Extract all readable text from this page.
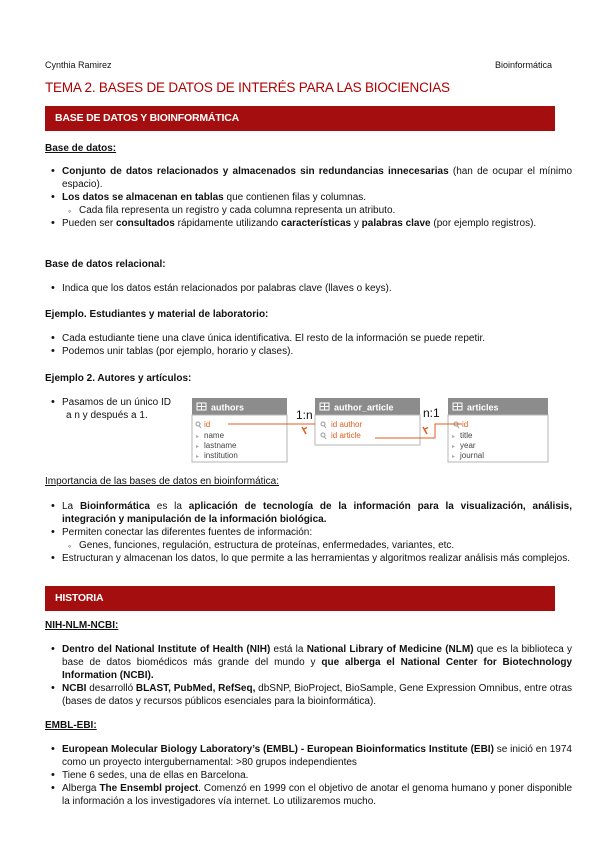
Cynthia Ramirez	Bioinformática
TEMA 2. BASES DE DATOS DE INTERÉS PARA LAS BIOCIENCIAS
BASE DE DATOS Y BIOINFORMÁTICA
Base de datos:
• Conjunto de datos relacionados y almacenados sin redundancias innecesarias (han de ocupar el mínimo espacio).
• Los datos se almacenan en tablas que contienen filas y columnas.
◦ Cada fila representa un registro y cada columna representa un atributo.
• Pueden ser consultados rápidamente utilizando características y palabras clave (por ejemplo registros).
Base de datos relacional:
• Indica que los datos están relacionados por palabras clave (llaves o keys).
Ejemplo. Estudiantes y material de laboratorio:
• Cada estudiante tiene una clave única identificativa. El resto de la información se puede repetir.
• Podemos unir tablas (por ejemplo, horario y clases).
Ejemplo 2. Autores y artículos:
• Pasamos de un único ID
a n y después a 1.
authors
id
name
lastname
institution
▸
▸
▸
author_article
id author
id article
articles
id
title
year
journal
▸
▸
▸
1:n	n:1
Importancia de las bases de datos en bioinformática:
• La Bioinformática es la aplicación de tecnología de la información para la visualización, análisis, integración y manipulación de la información biológica.
• Permiten conectar las diferentes fuentes de información:
◦ Genes, funciones, regulación, estructura de proteínas, enfermedades, variantes, etc.
• Estructuran y almacenan los datos, lo que permite a las herramientas y algoritmos realizar análisis más complejos.
HISTORIA
NIH-NLM-NCBI:
• Dentro del National Institute of Health (NIH) está la National Library of Medicine (NLM) que es la biblioteca y base de datos biomédicos más grande del mundo y que alberga el National Center for Biotechnology Information (NCBI).
• NCBI desarrolló BLAST, PubMed, RefSeq, dbSNP, BioProject, BioSample, Gene Expression Omnibus, entre otras (bases de datos y recursos públicos esenciales para la bioinformática).
EMBL-EBI:
• European Molecular Biology Laboratory’s (EMBL) - European Bioinformatics Institute (EBI) se inició en 1974 como un proyecto intergubernamental: >80 grupos independientes
• Tiene 6 sedes, una de ellas en Barcelona.
• Alberga The Ensembl project. Comenzó en 1999 con el objetivo de anotar el genoma humano y poner disponible la información a los investigadores vía internet. Lo utilizaremos mucho.
